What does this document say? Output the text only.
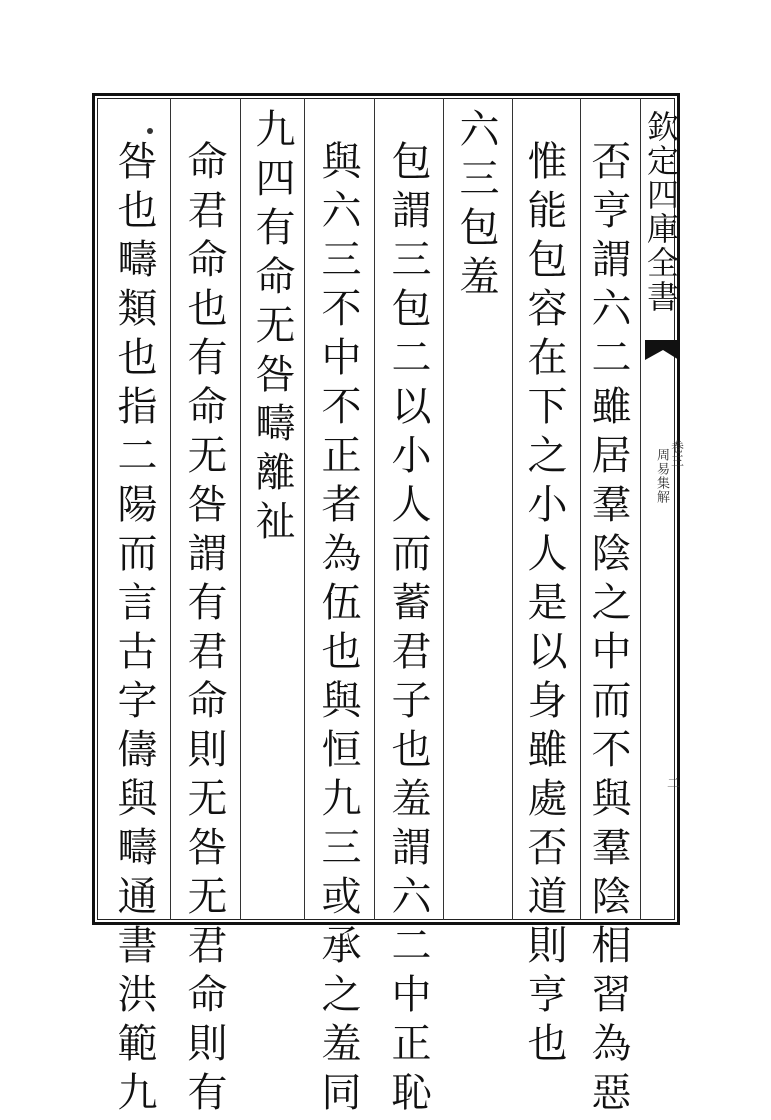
欽定四庫全書
周易集解 卷三
二
否亨謂六二雖居羣陰之中而不與羣陰相習為惡
惟能包容在下之小人是以身雖處否道則亨也
六三包羞
包謂三包二以小人而蓄君子也羞謂六二中正恥
與六三不中不正者為伍也與恒九三或承之羞同
九四有命无咎疇離祉
命君命也有命无咎謂有君命則无咎无君命則有
咎也疇類也指二陽而言古字儔與疇通書洪範九
